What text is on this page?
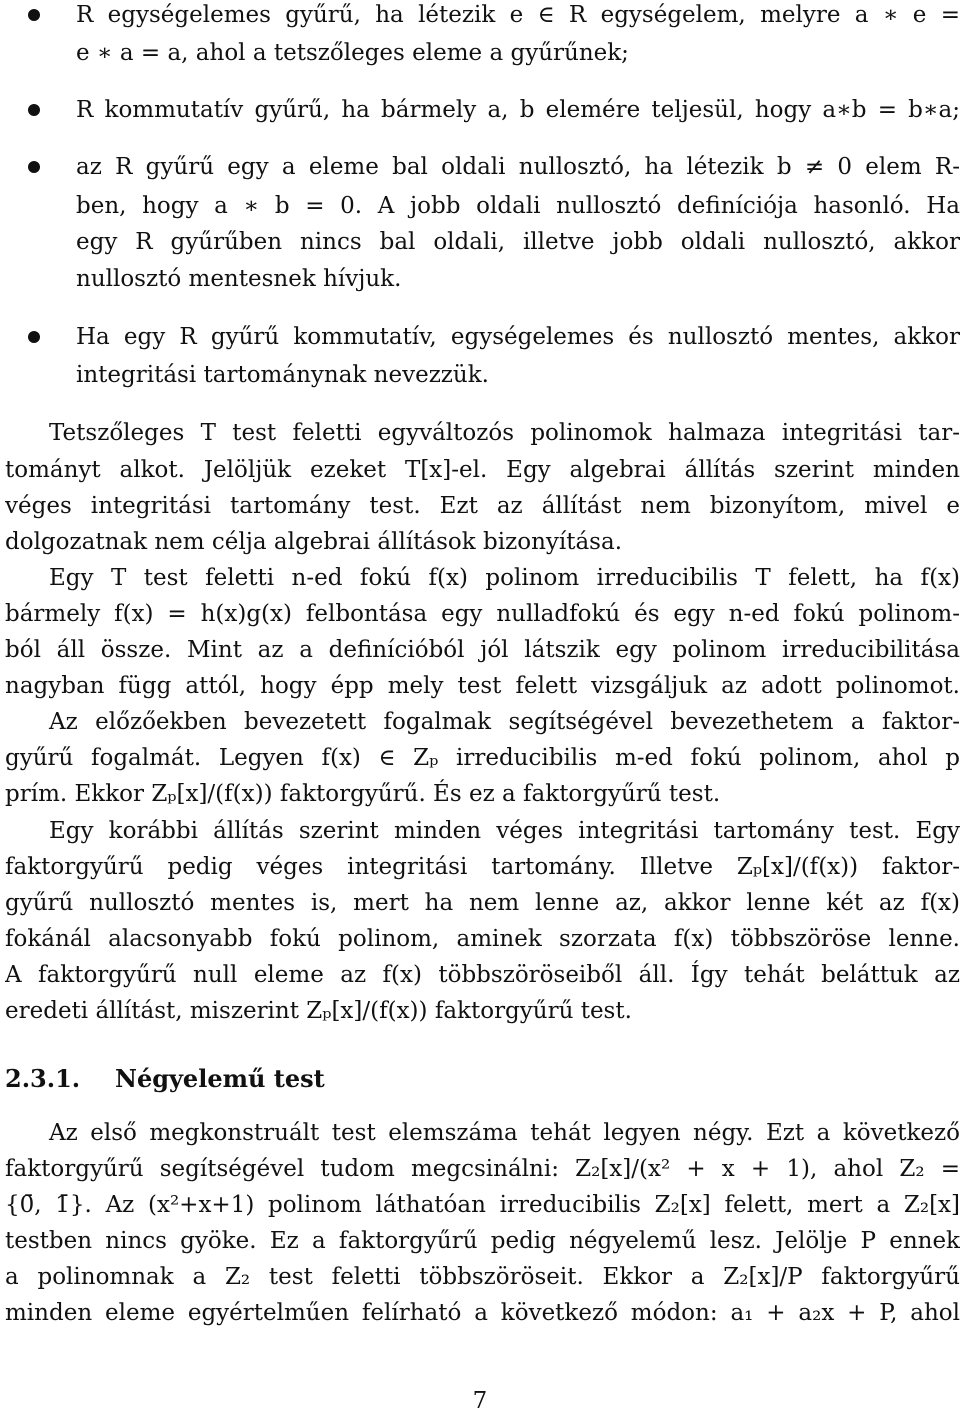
R egységelemes gyűrű, ha létezik e ∈ R egységelem, melyre a ∗ e =

e ∗ a = a, ahol a tetszőleges eleme a gyűrűnek;

R kommutatív gyűrű, ha bármely a, b elemére teljesül, hogy a∗b = b∗a;

az R gyűrű egy a eleme bal oldali nullosztó, ha létezik b ≠ 0 elem R-

ben, hogy a ∗ b = 0. A jobb oldali nullosztó definíciója hasonló. Ha

egy R gyűrűben nincs bal oldali, illetve jobb oldali nullosztó, akkor

nullosztó mentesnek hívjuk.

Ha egy R gyűrű kommutatív, egységelemes és nullosztó mentes, akkor

integritási tartománynak nevezzük.

Tetszőleges T test feletti egyváltozós polinomok halmaza integritási tar-

tományt alkot. Jelöljük ezeket T[x]-el. Egy algebrai állítás szerint minden

véges integritási tartomány test. Ezt az állítást nem bizonyítom, mivel e

dolgozatnak nem célja algebrai állítások bizonyítása.

Egy T test feletti n-ed fokú f(x) polinom irreducibilis T felett, ha f(x)

bármely f(x) = h(x)g(x) felbontása egy nulladfokú és egy n-ed fokú polinom-

ból áll össze. Mint az a definícióból jól látszik egy polinom irreducibilitása

nagyban függ attól, hogy épp mely test felett vizsgáljuk az adott polinomot.

Az előzőekben bevezetett fogalmak segítségével bevezethetem a faktor-

gyűrű fogalmát. Legyen f(x) ∈ Zₚ irreducibilis m-ed fokú polinom, ahol p

prím. Ekkor Zₚ[x]/(f(x)) faktorgyűrű. És ez a faktorgyűrű test.

Egy korábbi állítás szerint minden véges integritási tartomány test. Egy

faktorgyűrű pedig véges integritási tartomány. Illetve Zₚ[x]/(f(x)) faktor-

gyűrű nullosztó mentes is, mert ha nem lenne az, akkor lenne két az f(x)

fokánál alacsonyabb fokú polinom, aminek szorzata f(x) többszöröse lenne.

A faktorgyűrű null eleme az f(x) többszöröseiből áll. Így tehát beláttuk az

eredeti állítást, miszerint Zₚ[x]/(f(x)) faktorgyűrű test.

2.3.1. Négyelemű test

Az első megkonstruált test elemszáma tehát legyen négy. Ezt a következő

faktorgyűrű segítségével tudom megcsinálni: Z₂[x]/(x² + x + 1), ahol Z₂ =

{0̄, 1̄}. Az (x²+x+1) polinom láthatóan irreducibilis Z₂[x] felett, mert a Z₂[x]

testben nincs gyöke. Ez a faktorgyűrű pedig négyelemű lesz. Jelölje P ennek

a polinomnak a Z₂ test feletti többszöröseit. Ekkor a Z₂[x]/P faktorgyűrű

minden eleme egyértelműen felírható a következő módon: a₁ + a₂x + P, ahol

7
